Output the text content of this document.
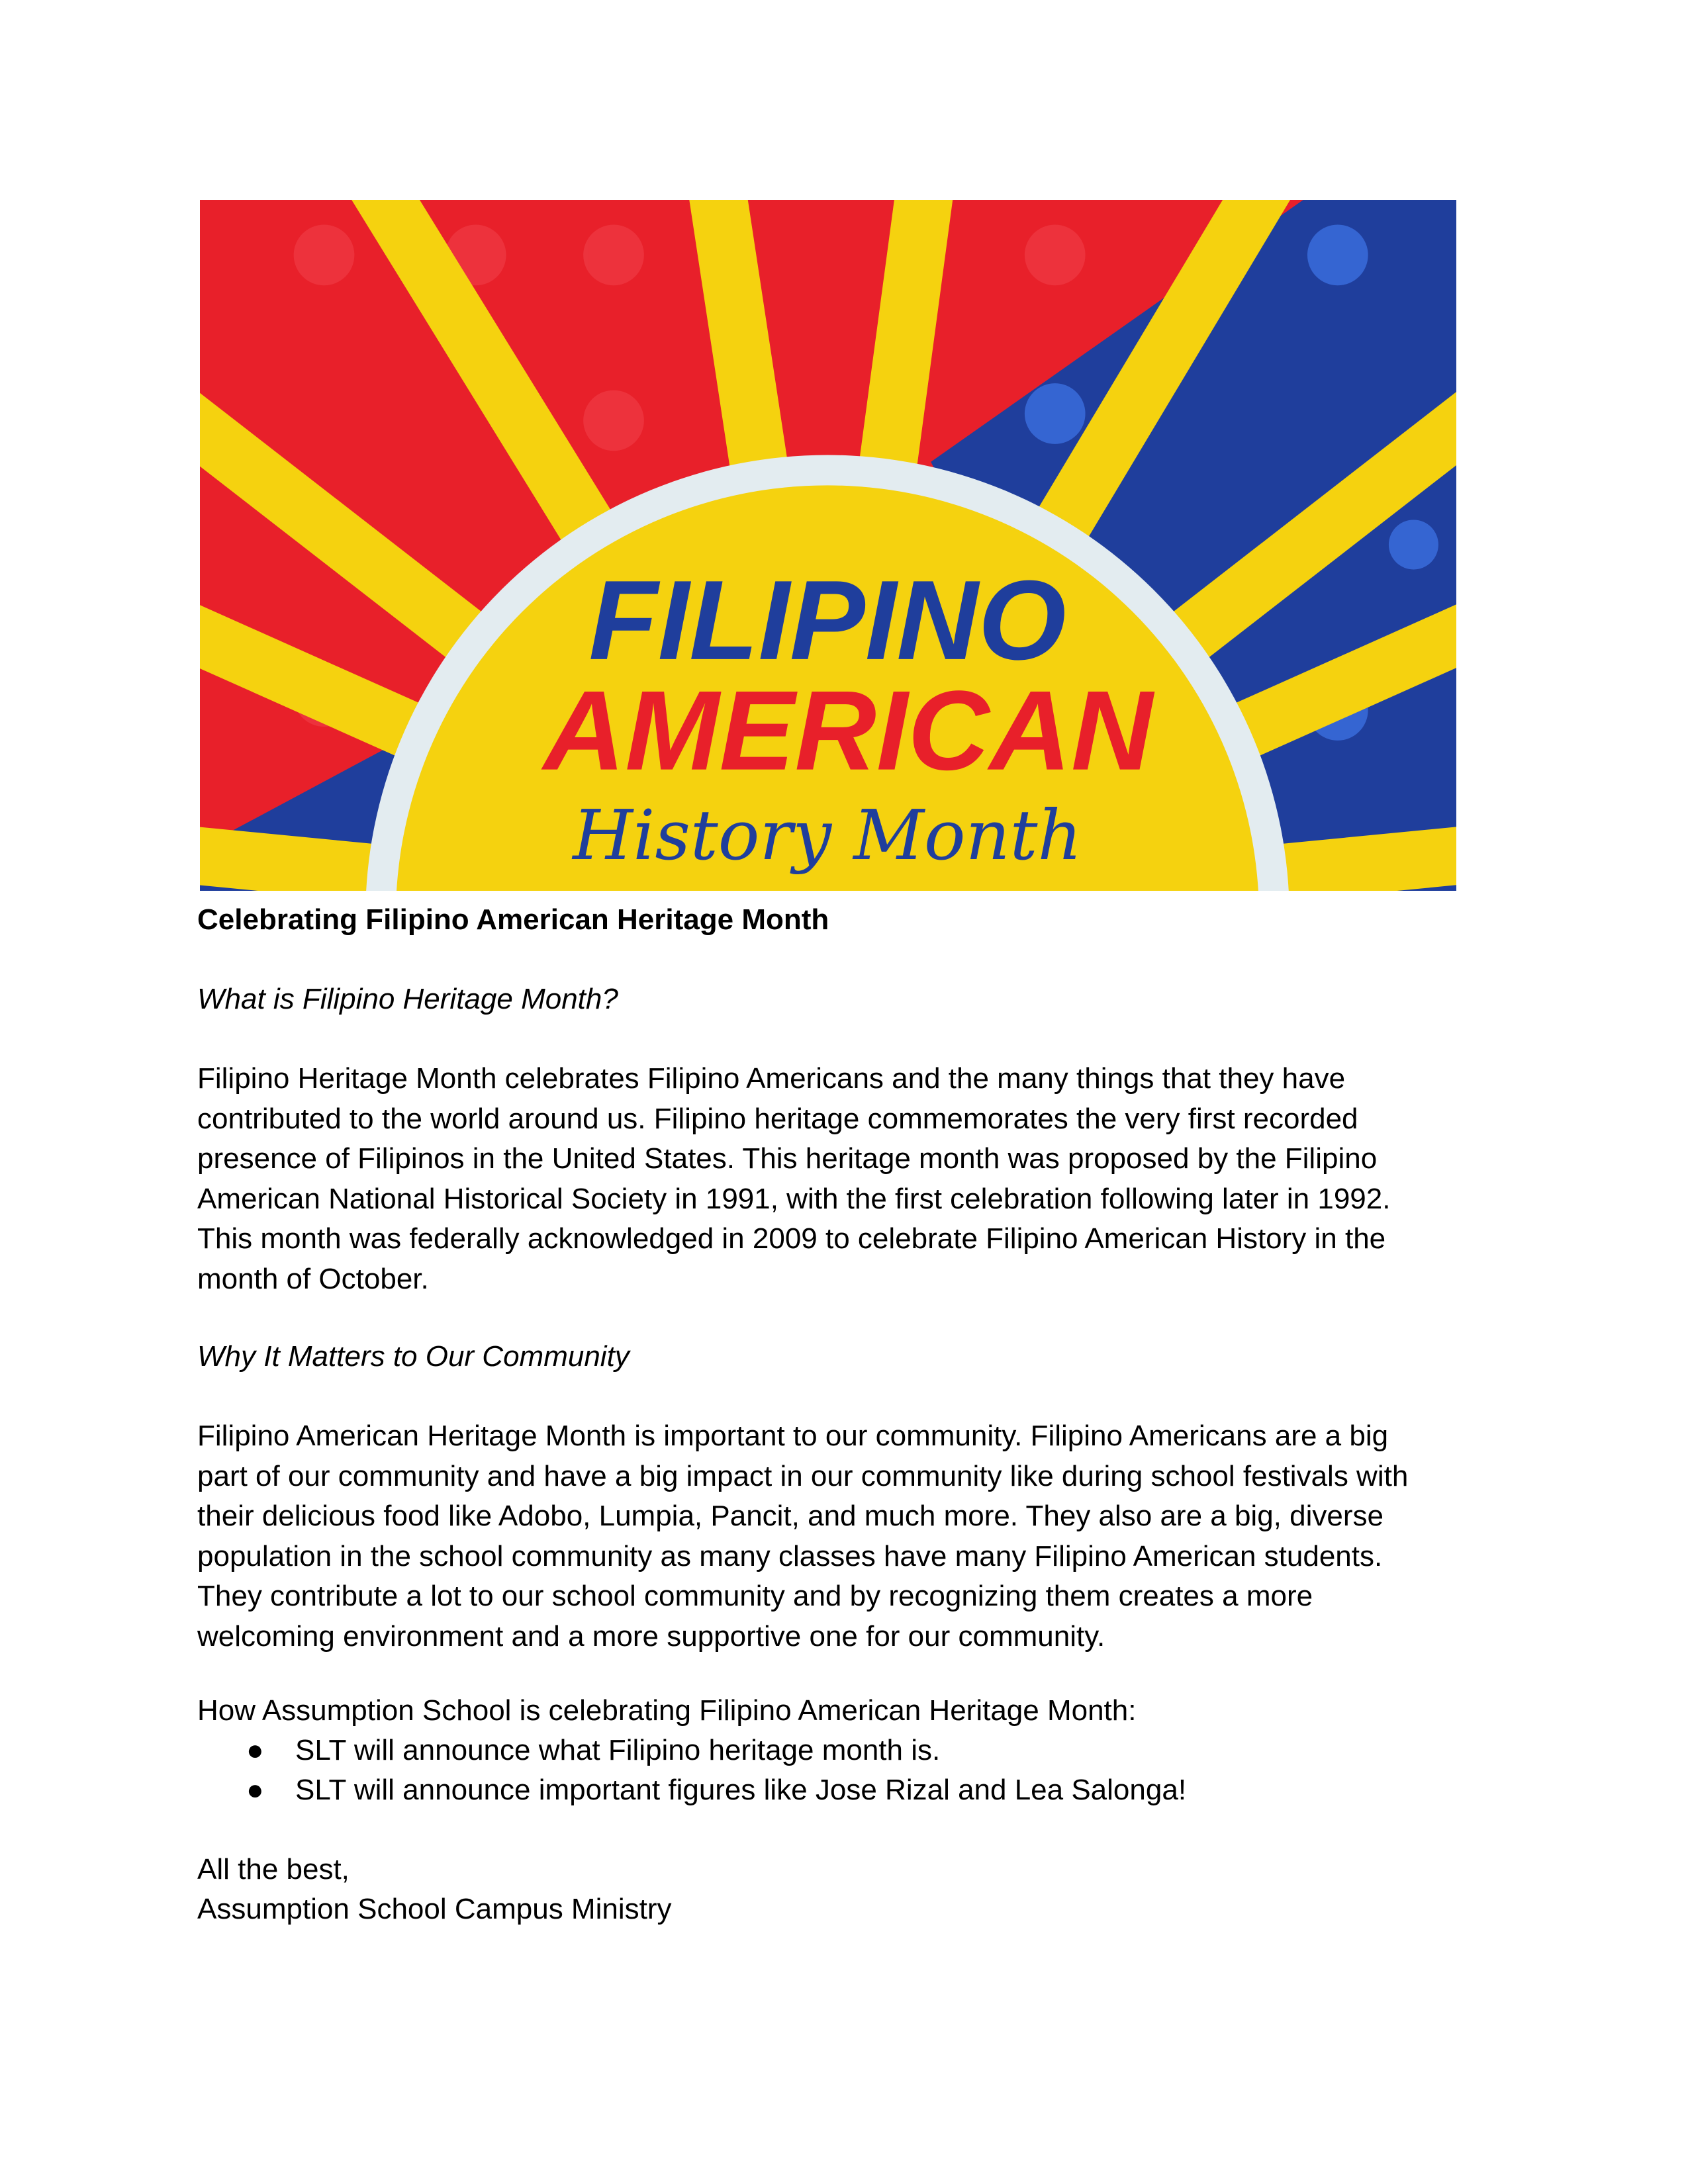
FILIPINO
AMERICAN
History Month
Celebrating Filipino American Heritage Month
What is Filipino Heritage Month?
Filipino Heritage Month celebrates Filipino Americans and the many things that they have
contributed to the world around us. Filipino heritage commemorates the very first recorded
presence of Filipinos in the United States. This heritage month was proposed by the Filipino
American National Historical Society in 1991, with the first celebration following later in 1992.
This month was federally acknowledged in 2009 to celebrate Filipino American History in the
month of October.
Why It Matters to Our Community
Filipino American Heritage Month is important to our community. Filipino Americans are a big
part of our community and have a big impact in our community like during school festivals with
their delicious food like Adobo, Lumpia, Pancit, and much more. They also are a big, diverse
population in the school community as many classes have many Filipino American students.
They contribute a lot to our school community and by recognizing them creates a more
welcoming environment and a more supportive one for our community.
How Assumption School is celebrating Filipino American Heritage Month:
● SLT will announce what Filipino heritage month is.
● SLT will announce important figures like Jose Rizal and Lea Salonga!
All the best,
Assumption School Campus Ministry
